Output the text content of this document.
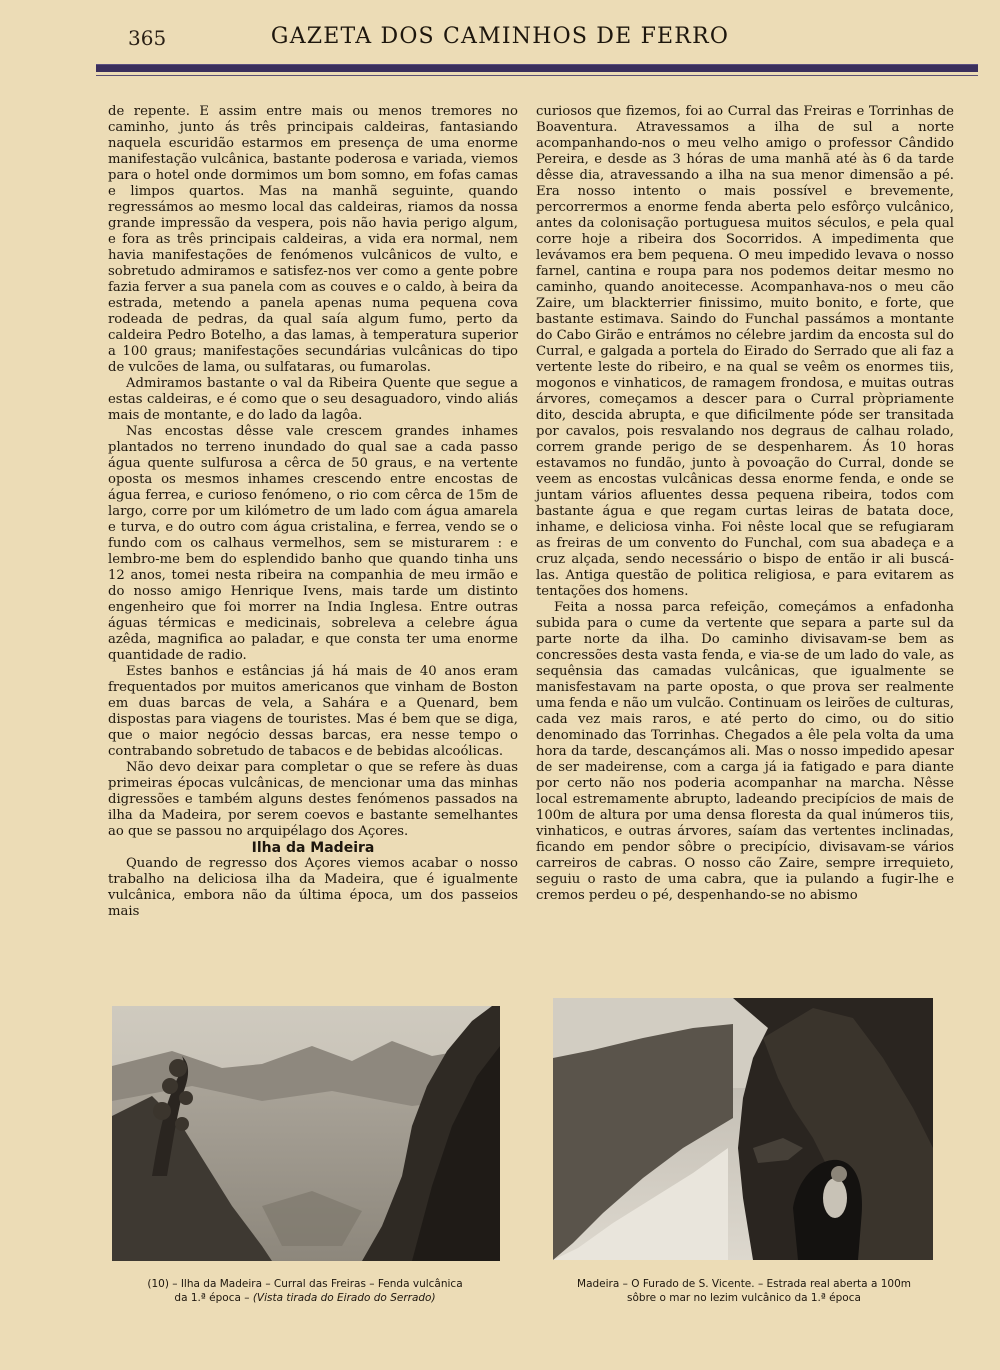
365	GAZETA DOS CAMINHOS DE FERRO

de repente. E assim entre mais ou menos tremores no caminho, junto ás três principais caldeiras, fantasiando naquela escuridão estarmos em presença de uma enorme manifestação vulcânica, bastante poderosa e variada, viemos para o hotel onde dormimos um bom somno, em fofas camas e limpos quartos. Mas na manhã seguinte, quando regressámos ao mesmo local das caldeiras, riamos da nossa grande impressão da vespera, pois não havia perigo algum, e fora as três principais caldeiras, a vida era normal, nem havia manifestações de fenómenos vulcânicos de vulto, e sobretudo admiramos e satisfez-nos ver como a gente pobre fazia ferver a sua panela com as couves e o caldo, à beira da estrada, metendo a panela apenas numa pequena cova rodeada de pedras, da qual saía algum fumo, perto da caldeira Pedro Botelho, a das lamas, à temperatura superior a 100 graus; manifestações secundárias vulcânicas do tipo de vulcões de lama, ou sulfataras, ou fumarolas.

Admiramos bastante o val da Ribeira Quente que segue a estas caldeiras, e é como que o seu desaguadoro, vindo aliás mais de montante, e do lado da lagôa.

Nas encostas dêsse vale crescem grandes inhames plantados no terreno inundado do qual sae a cada passo água quente sulfurosa a cêrca de 50 graus, e na vertente oposta os mesmos inhames crescendo entre encostas de água ferrea, e curioso fenómeno, o rio com cêrca de 15m de largo, corre por um kilómetro de um lado com água amarela e turva, e do outro com água cristalina, e ferrea, vendo se o fundo com os calhaus vermelhos, sem se misturarem : e lembro-me bem do esplendido banho que quando tinha uns 12 anos, tomei nesta ribeira na companhia de meu irmão e do nosso amigo Henrique Ivens, mais tarde um distinto engenheiro que foi morrer na India Inglesa. Entre outras águas térmicas e medicinais, sobreleva a celebre água azêda, magnifica ao paladar, e que consta ter uma enorme quantidade de radio.

Estes banhos e estâncias já há mais de 40 anos eram frequentados por muitos americanos que vinham de Boston em duas barcas de vela, a Sahára e a Quenard, bem dispostas para viagens de touristes. Mas é bem que se diga, que o maior negócio dessas barcas, era nesse tempo o contrabando sobretudo de tabacos e de bebidas alcoólicas.

Não devo deixar para completar o que se refere às duas primeiras épocas vulcânicas, de mencionar uma das minhas digressões e também alguns destes fenómenos passados na ilha da Madeira, por serem coevos e bastante semelhantes ao que se passou no arquipélago dos Açores.

Ilha da Madeira

Quando de regresso dos Açores viemos acabar o nosso trabalho na deliciosa ilha da Madeira, que é igualmente vulcânica, embora não da última época, um dos passeios mais

curiosos que fizemos, foi ao Curral das Freiras e Torrinhas de Boaventura. Atravessamos a ilha de sul a norte acompanhando-nos o meu velho amigo o professor Cândido Pereira, e desde as 3 hóras de uma manhã até às 6 da tarde dêsse dia, atravessando a ilha na sua menor dimensão a pé. Era nosso intento o mais possível e brevemente, percorrermos a enorme fenda aberta pelo esfôrço vulcânico, antes da colonisação portuguesa muitos séculos, e pela qual corre hoje a ribeira dos Socorridos. A impedimenta que levávamos era bem pequena. O meu impedido levava o nosso farnel, cantina e roupa para nos podemos deitar mesmo no caminho, quando anoitecesse. Acompanhava-nos o meu cão Zaire, um blackterrier finissimo, muito bonito, e forte, que bastante estimava. Saindo do Funchal passámos a montante do Cabo Girão e entrámos no célebre jardim da encosta sul do Curral, e galgada a portela do Eirado do Serrado que ali faz a vertente leste do ribeiro, e na qual se veêm os enormes tiis, mogonos e vinhaticos, de ramagem frondosa, e muitas outras árvores, começamos a descer para o Curral pròpriamente dito, descida abrupta, e que dificilmente póde ser transitada por cavalos, pois resvalando nos degraus de calhau rolado, correm grande perigo de se despenharem. Ás 10 horas estavamos no fundão, junto à povoação do Curral, donde se veem as encostas vulcânicas dessa enorme fenda, e onde se juntam vários afluentes dessa pequena ribeira, todos com bastante água e que regam curtas leiras de batata doce, inhame, e deliciosa vinha. Foi nêste local que se refugiaram as freiras de um convento do Funchal, com sua abadeça e a cruz alçada, sendo necessário o bispo de então ir ali buscá-las. Antiga questão de politica religiosa, e para evitarem as tentações dos homens.

Feita a nossa parca refeição, começámos a enfadonha subida para o cume da vertente que separa a parte sul da parte norte da ilha. Do caminho divisavam-se bem as concressões desta vasta fenda, e via-se de um lado do vale, as sequênsia das camadas vulcânicas, que igualmente se manisfestavam na parte oposta, o que prova ser realmente uma fenda e não um vulcão. Continuam os leirões de culturas, cada vez mais raros, e até perto do cimo, ou do sitio denominado das Torrinhas. Chegados a êle pela volta da uma hora da tarde, descançámos ali. Mas o nosso impedido apesar de ser madeirense, com a carga já ia fatigado e para diante por certo não nos poderia acompanhar na marcha. Nêsse local estremamente abrupto, ladeando precipícios de mais de 100m de altura por uma densa floresta da qual inúmeros tiis, vinhaticos, e outras árvores, saíam das vertentes inclinadas, ficando em pendor sôbre o precipício, divisavam-se vários carreiros de cabras. O nosso cão Zaire, sempre irrequieto, seguiu o rasto de uma cabra, que ia pulando a fugir-lhe e cremos perdeu o pé, despenhando-se no abismo

(10) – Ilha da Madeira – Curral das Freiras – Fenda vulcânica
da 1.ª época – (Vista tirada do Eirado do Serrado)
Madeira – O Furado de S. Vicente. – Estrada real aberta a 100m
sôbre o mar no lezim vulcânico da 1.ª época
